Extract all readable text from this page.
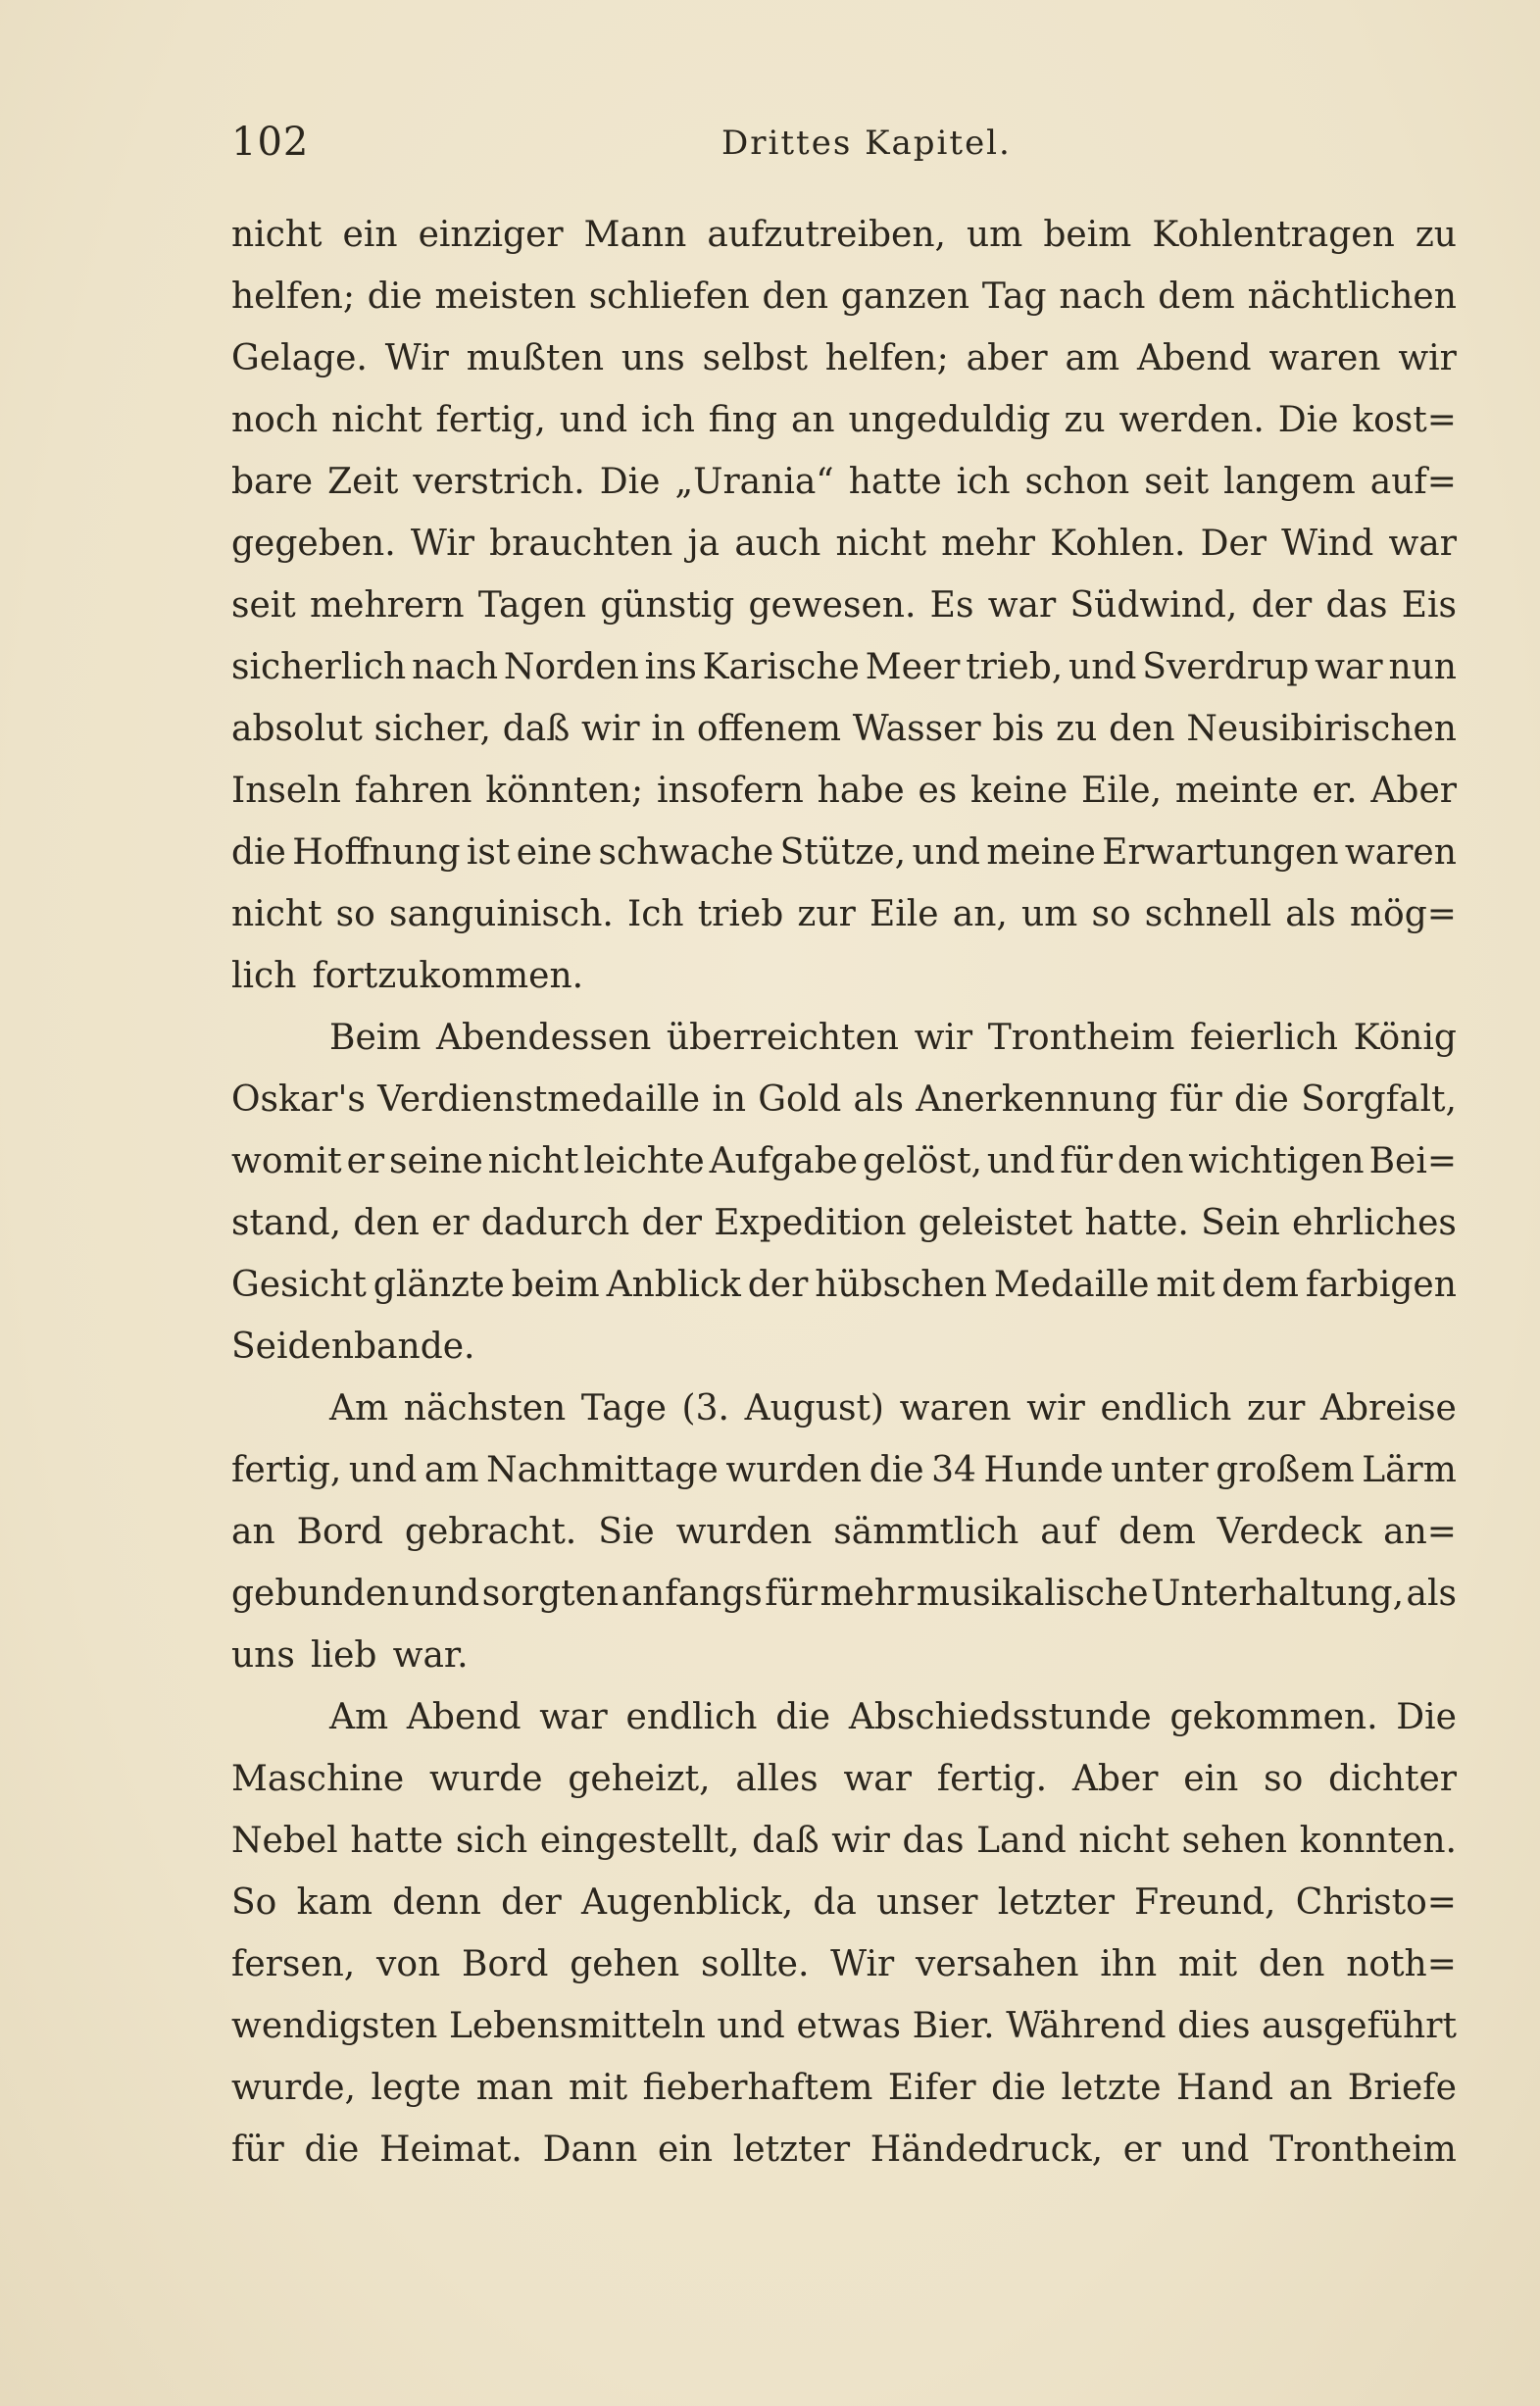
102	Drittes Kapitel.
nicht ein einziger Mann aufzutreiben, um beim Kohlentragen zu
helfen; die meisten schliefen den ganzen Tag nach dem nächtlichen
Gelage. Wir mußten uns selbst helfen; aber am Abend waren wir
noch nicht fertig, und ich fing an ungeduldig zu werden. Die kost=
bare Zeit verstrich. Die „Urania“ hatte ich schon seit langem auf=
gegeben. Wir brauchten ja auch nicht mehr Kohlen. Der Wind war
seit mehrern Tagen günstig gewesen. Es war Südwind, der das Eis
sicherlich nach Norden ins Karische Meer trieb, und Sverdrup war nun
absolut sicher, daß wir in offenem Wasser bis zu den Neusibirischen
Inseln fahren könnten; insofern habe es keine Eile, meinte er. Aber
die Hoffnung ist eine schwache Stütze, und meine Erwartungen waren
nicht so sanguinisch. Ich trieb zur Eile an, um so schnell als mög=
lich fortzukommen.
Beim Abendessen überreichten wir Trontheim feierlich König
Oskar's Verdienstmedaille in Gold als Anerkennung für die Sorgfalt,
womit er seine nicht leichte Aufgabe gelöst, und für den wichtigen Bei=
stand, den er dadurch der Expedition geleistet hatte. Sein ehrliches
Gesicht glänzte beim Anblick der hübschen Medaille mit dem farbigen
Seidenbande.
Am nächsten Tage (3. August) waren wir endlich zur Abreise
fertig, und am Nachmittage wurden die 34 Hunde unter großem Lärm
an Bord gebracht. Sie wurden sämmtlich auf dem Verdeck an=
gebunden und sorgten anfangs für mehr musikalische Unterhaltung, als
uns lieb war.
Am Abend war endlich die Abschiedsstunde gekommen. Die
Maschine wurde geheizt, alles war fertig. Aber ein so dichter
Nebel hatte sich eingestellt, daß wir das Land nicht sehen konnten.
So kam denn der Augenblick, da unser letzter Freund, Christo=
fersen, von Bord gehen sollte. Wir versahen ihn mit den noth=
wendigsten Lebensmitteln und etwas Bier. Während dies ausgeführt
wurde, legte man mit fieberhaftem Eifer die letzte Hand an Briefe
für die Heimat. Dann ein letzter Händedruck, er und Trontheim
